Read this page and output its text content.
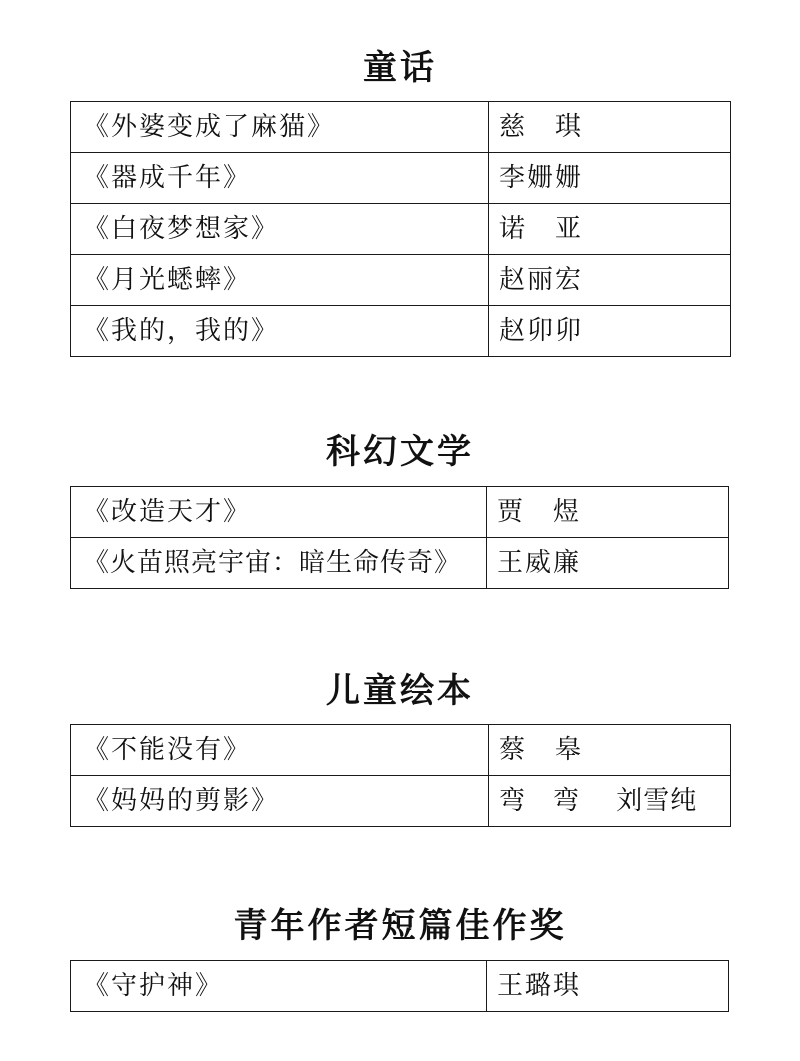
童话
《外婆变成了麻猫》	慈　琪
《器成千年》	李姗姗
《白夜梦想家》	诺　亚
《月光蟋蟀》	赵丽宏
《我的，我的》	赵卯卯
科幻文学
《改造天才》	贾　煜
《火苗照亮宇宙：暗生命传奇》	王威廉
儿童绘本
《不能没有》	蔡　皋
《妈妈的剪影》	弯　弯　 刘雪纯
青年作者短篇佳作奖
《守护神》	王璐琪
